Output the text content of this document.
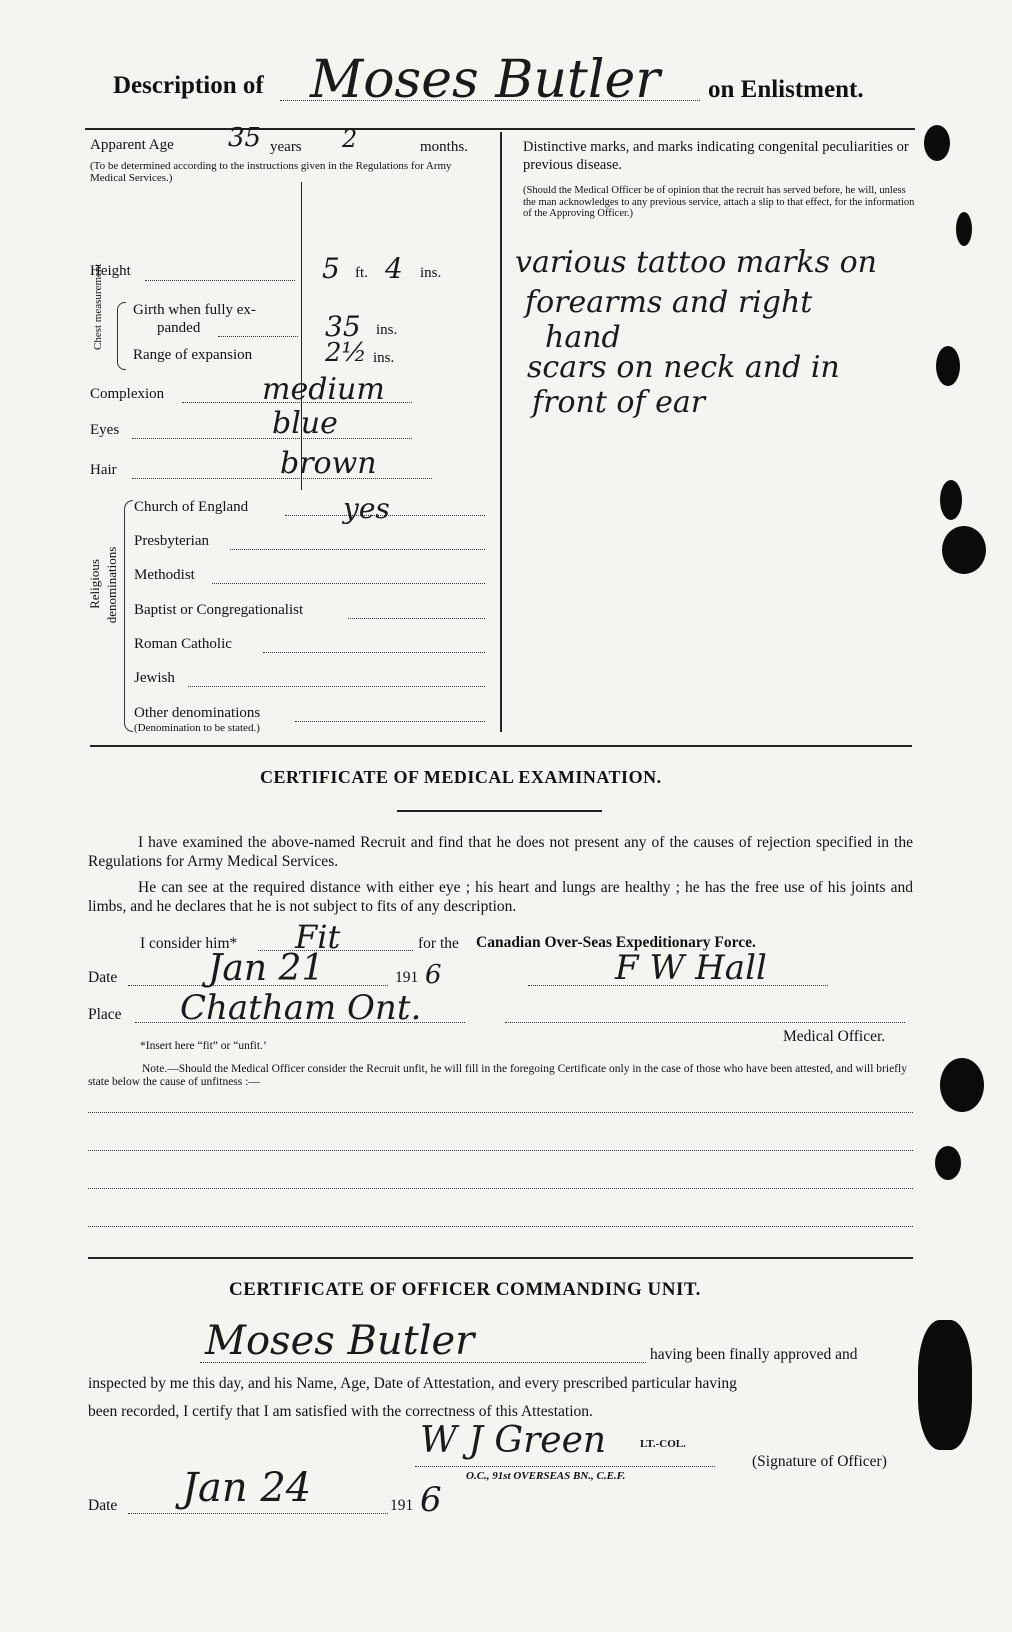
Description of Moses Butler on Enlistment.
Apparent Age 35 years 2	months.
(To be determined according to the instructions given in the Regulations for Army Medical Services.)
Height	5 ft. 4 ins.
Chest measurement Girth when fully ex-
panded	35 ins.
Range of expansion	2½ ins.
Complexion	medium
Eyes	blue
Hair	brown
Religious denominations
Church of England	yes
Presbyterian
Methodist
Baptist or Congregationalist
Roman Catholic
Jewish
Other denominations
(Denomination to be stated.)
Distinctive marks, and marks indicating congenital peculiarities or previous disease.
(Should the Medical Officer be of opinion that the recruit has served before, he will, unless the man acknowledges to any previous service, attach a slip to that effect, for the information of the Approving Officer.)
various tattoo marks on
forearms and right
hand
scars on neck and in
front of ear
CERTIFICATE OF MEDICAL EXAMINATION.
I have examined the above-named Recruit and find that he does not present any of the causes of rejection specified in the Regulations for Army Medical Services.
He can see at the required distance with either eye ; his heart and lungs are healthy ; he has the free use of his joints and limbs, and he declares that he is not subject to fits of any description.
I consider him* Fit	for the Canadian Over-Seas Expeditionary Force.
Date	Jan 21	191 6	F W Hall
Place Chatham Ont.
*Insert here “fit” or “unfit.’
Medical Officer.
Note.—Should the Medical Officer consider the Recruit unfit, he will fill in the foregoing Certificate only in the case of those who have been attested, and will briefly state below the cause of unfitness :—
CERTIFICATE OF OFFICER COMMANDING UNIT.
Moses Butler	having been finally approved and
inspected by me this day, and his Name, Age, Date of Attestation, and every prescribed particular having
been recorded, I certify that I am satisfied with the correctness of this Attestation.
W J Green	LT.-COL.
O.C., 91st OVERSEAS BN., C.E.F.
(Signature of Officer)
Date Jan 24	191 6
